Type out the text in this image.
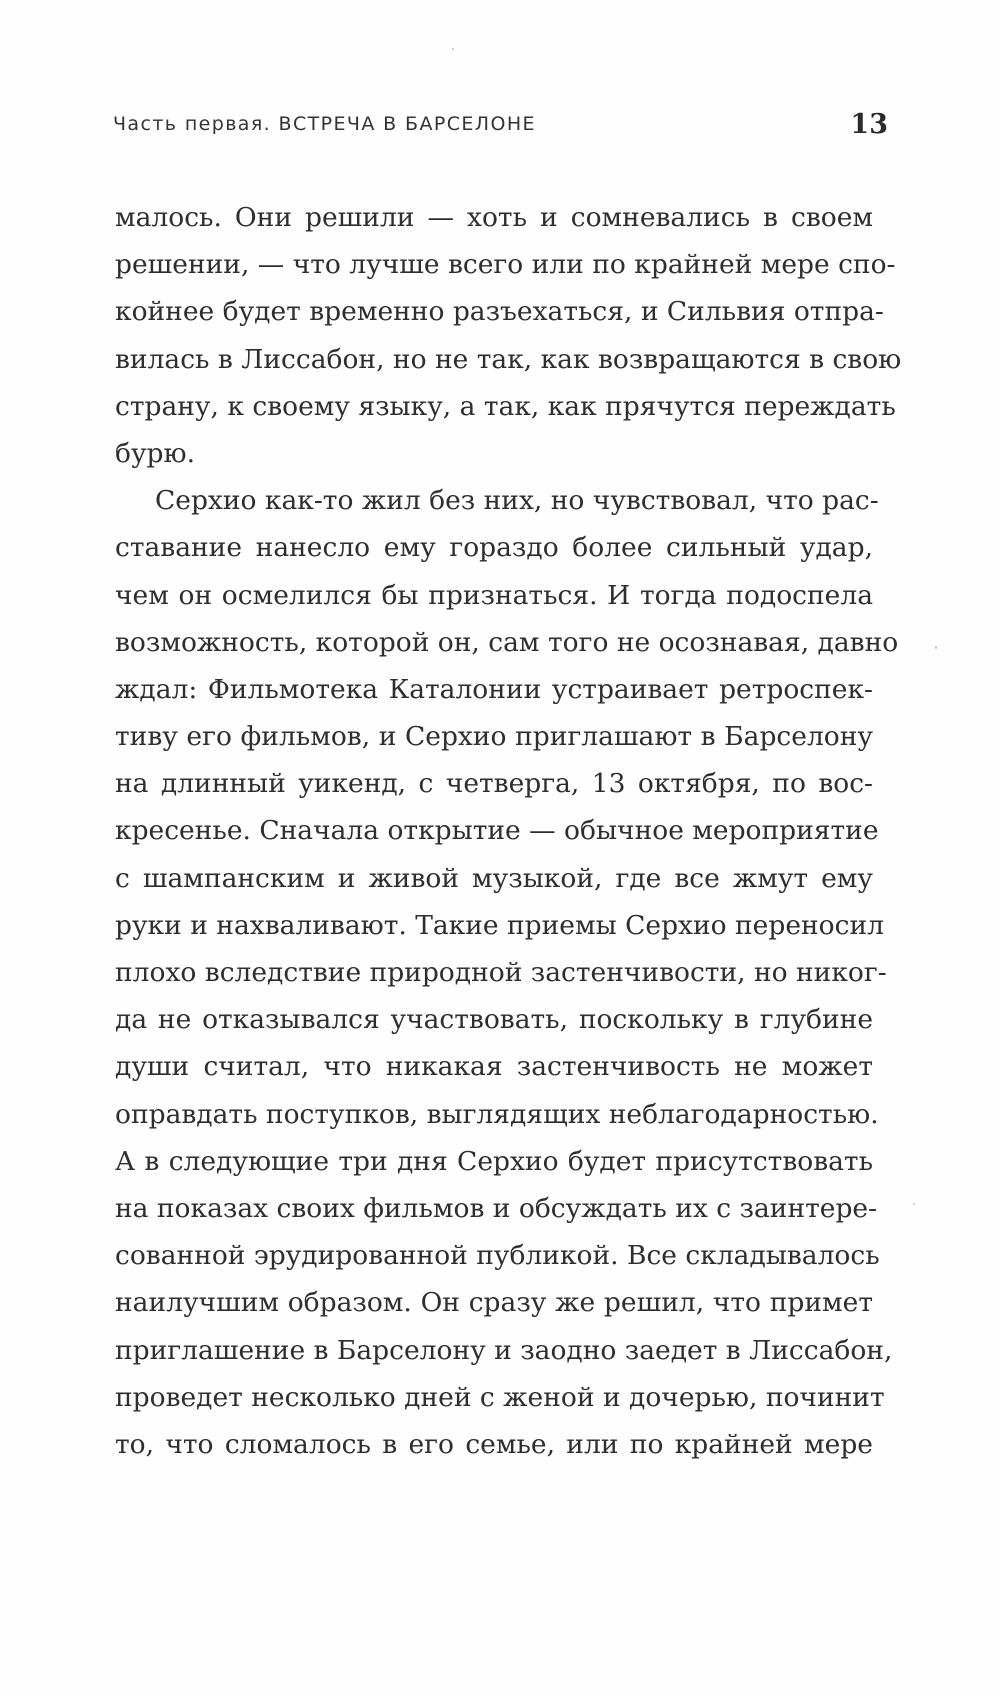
Часть первая. ВСТРЕЧА В БАРСЕЛОНЕ	13
малось. Они решили — хоть и сомневались в своем
решении, — что лучше всего или по крайней мере спо-
койнее будет временно разъехаться, и Сильвия отпра-
вилась в Лиссабон, но не так, как возвращаются в свою
страну, к своему языку, а так, как прячутся переждать
бурю.
Серхио как-то жил без них, но чувствовал, что рас-
ставание нанесло ему гораздо более сильный удар,
чем он осмелился бы признаться. И тогда подоспела
возможность, которой он, сам того не осознавая, давно
ждал: Фильмотека Каталонии устраивает ретроспек-
тиву его фильмов, и Серхио приглашают в Барселону
на длинный уикенд, с четверга, 13 октября, по вос-
кресенье. Сначала открытие — обычное мероприятие
с шампанским и живой музыкой, где все жмут ему
руки и нахваливают. Такие приемы Серхио переносил
плохо вследствие природной застенчивости, но никог-
да не отказывался участвовать, поскольку в глубине
души считал, что никакая застенчивость не может
оправдать поступков, выглядящих неблагодарностью.
А в следующие три дня Серхио будет присутствовать
на показах своих фильмов и обсуждать их с заинтере-
сованной эрудированной публикой. Все складывалось
наилучшим образом. Он сразу же решил, что примет
приглашение в Барселону и заодно заедет в Лиссабон,
проведет несколько дней с женой и дочерью, починит
то, что сломалось в его семье, или по крайней мере
